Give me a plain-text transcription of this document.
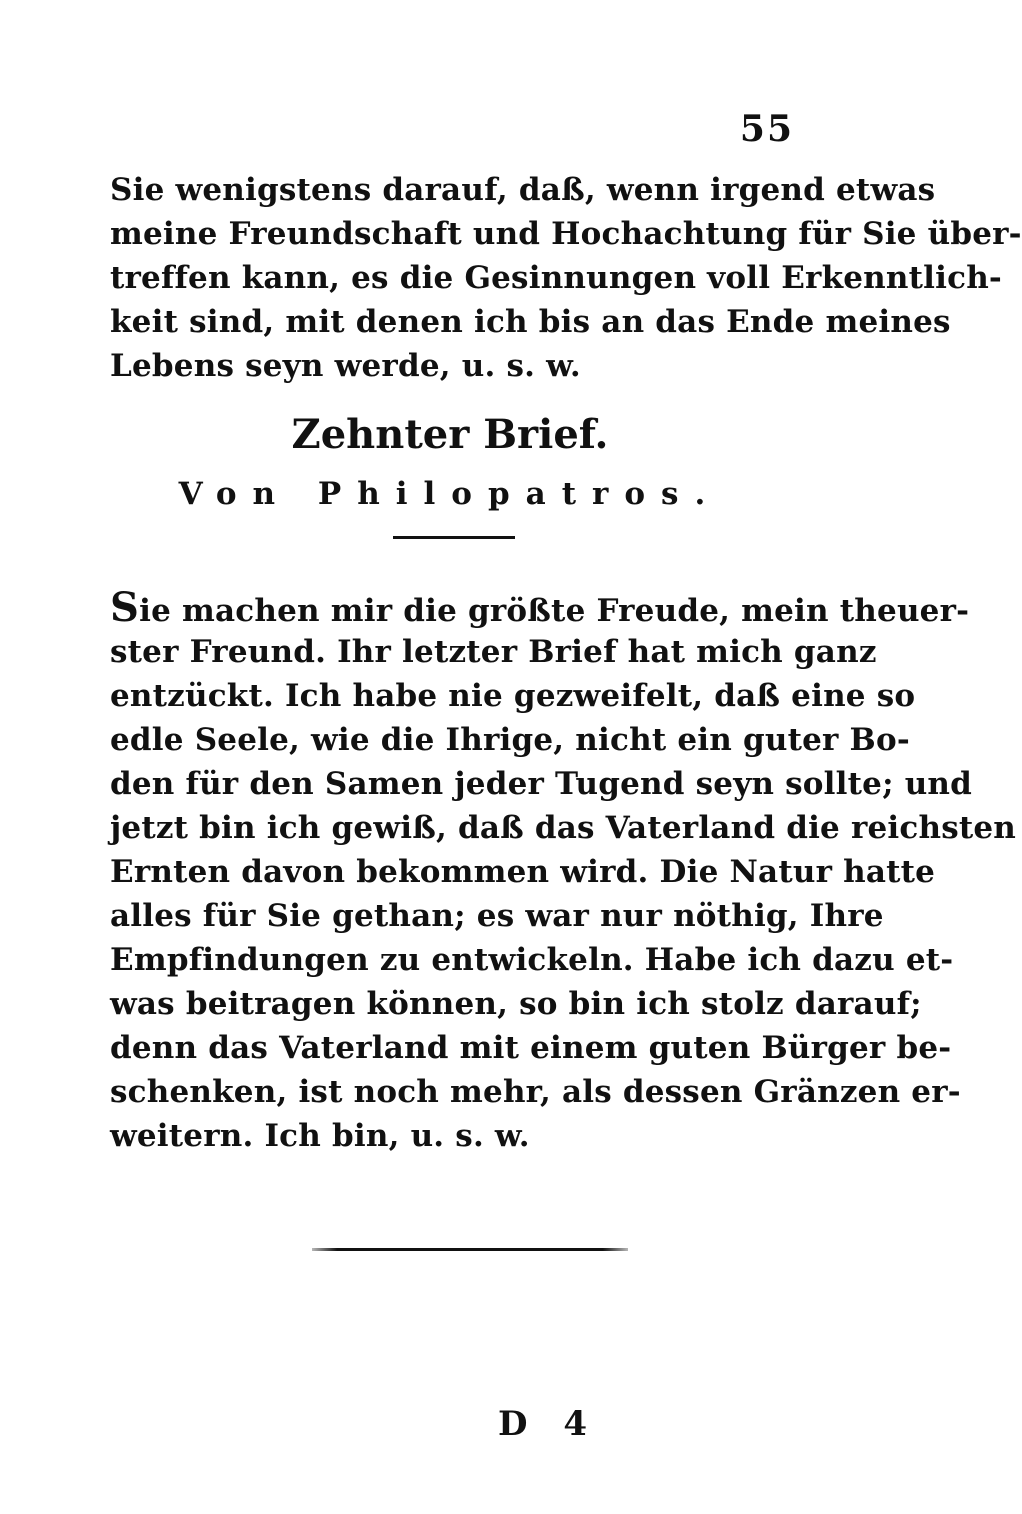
55
Sie wenigstens darauf, daß, wenn irgend etwas
meine Freundschaft und Hochachtung für Sie über-
treffen kann, es die Gesinnungen voll Erkenntlich-
keit sind, mit denen ich bis an das Ende meines
Lebens seyn werde, u. s. w.
Zehnter Brief.
Von Philopatros.
Sie machen mir die größte Freude, mein theuer-
ster Freund. Ihr letzter Brief hat mich ganz
entzückt. Ich habe nie gezweifelt, daß eine so
edle Seele, wie die Ihrige, nicht ein guter Bo-
den für den Samen jeder Tugend seyn sollte; und
jetzt bin ich gewiß, daß das Vaterland die reichsten
Ernten davon bekommen wird. Die Natur hatte
alles für Sie gethan; es war nur nöthig, Ihre
Empfindungen zu entwickeln. Habe ich dazu et-
was beitragen können, so bin ich stolz darauf;
denn das Vaterland mit einem guten Bürger be-
schenken, ist noch mehr, als dessen Gränzen er-
weitern. Ich bin, u. s. w.
D 4
